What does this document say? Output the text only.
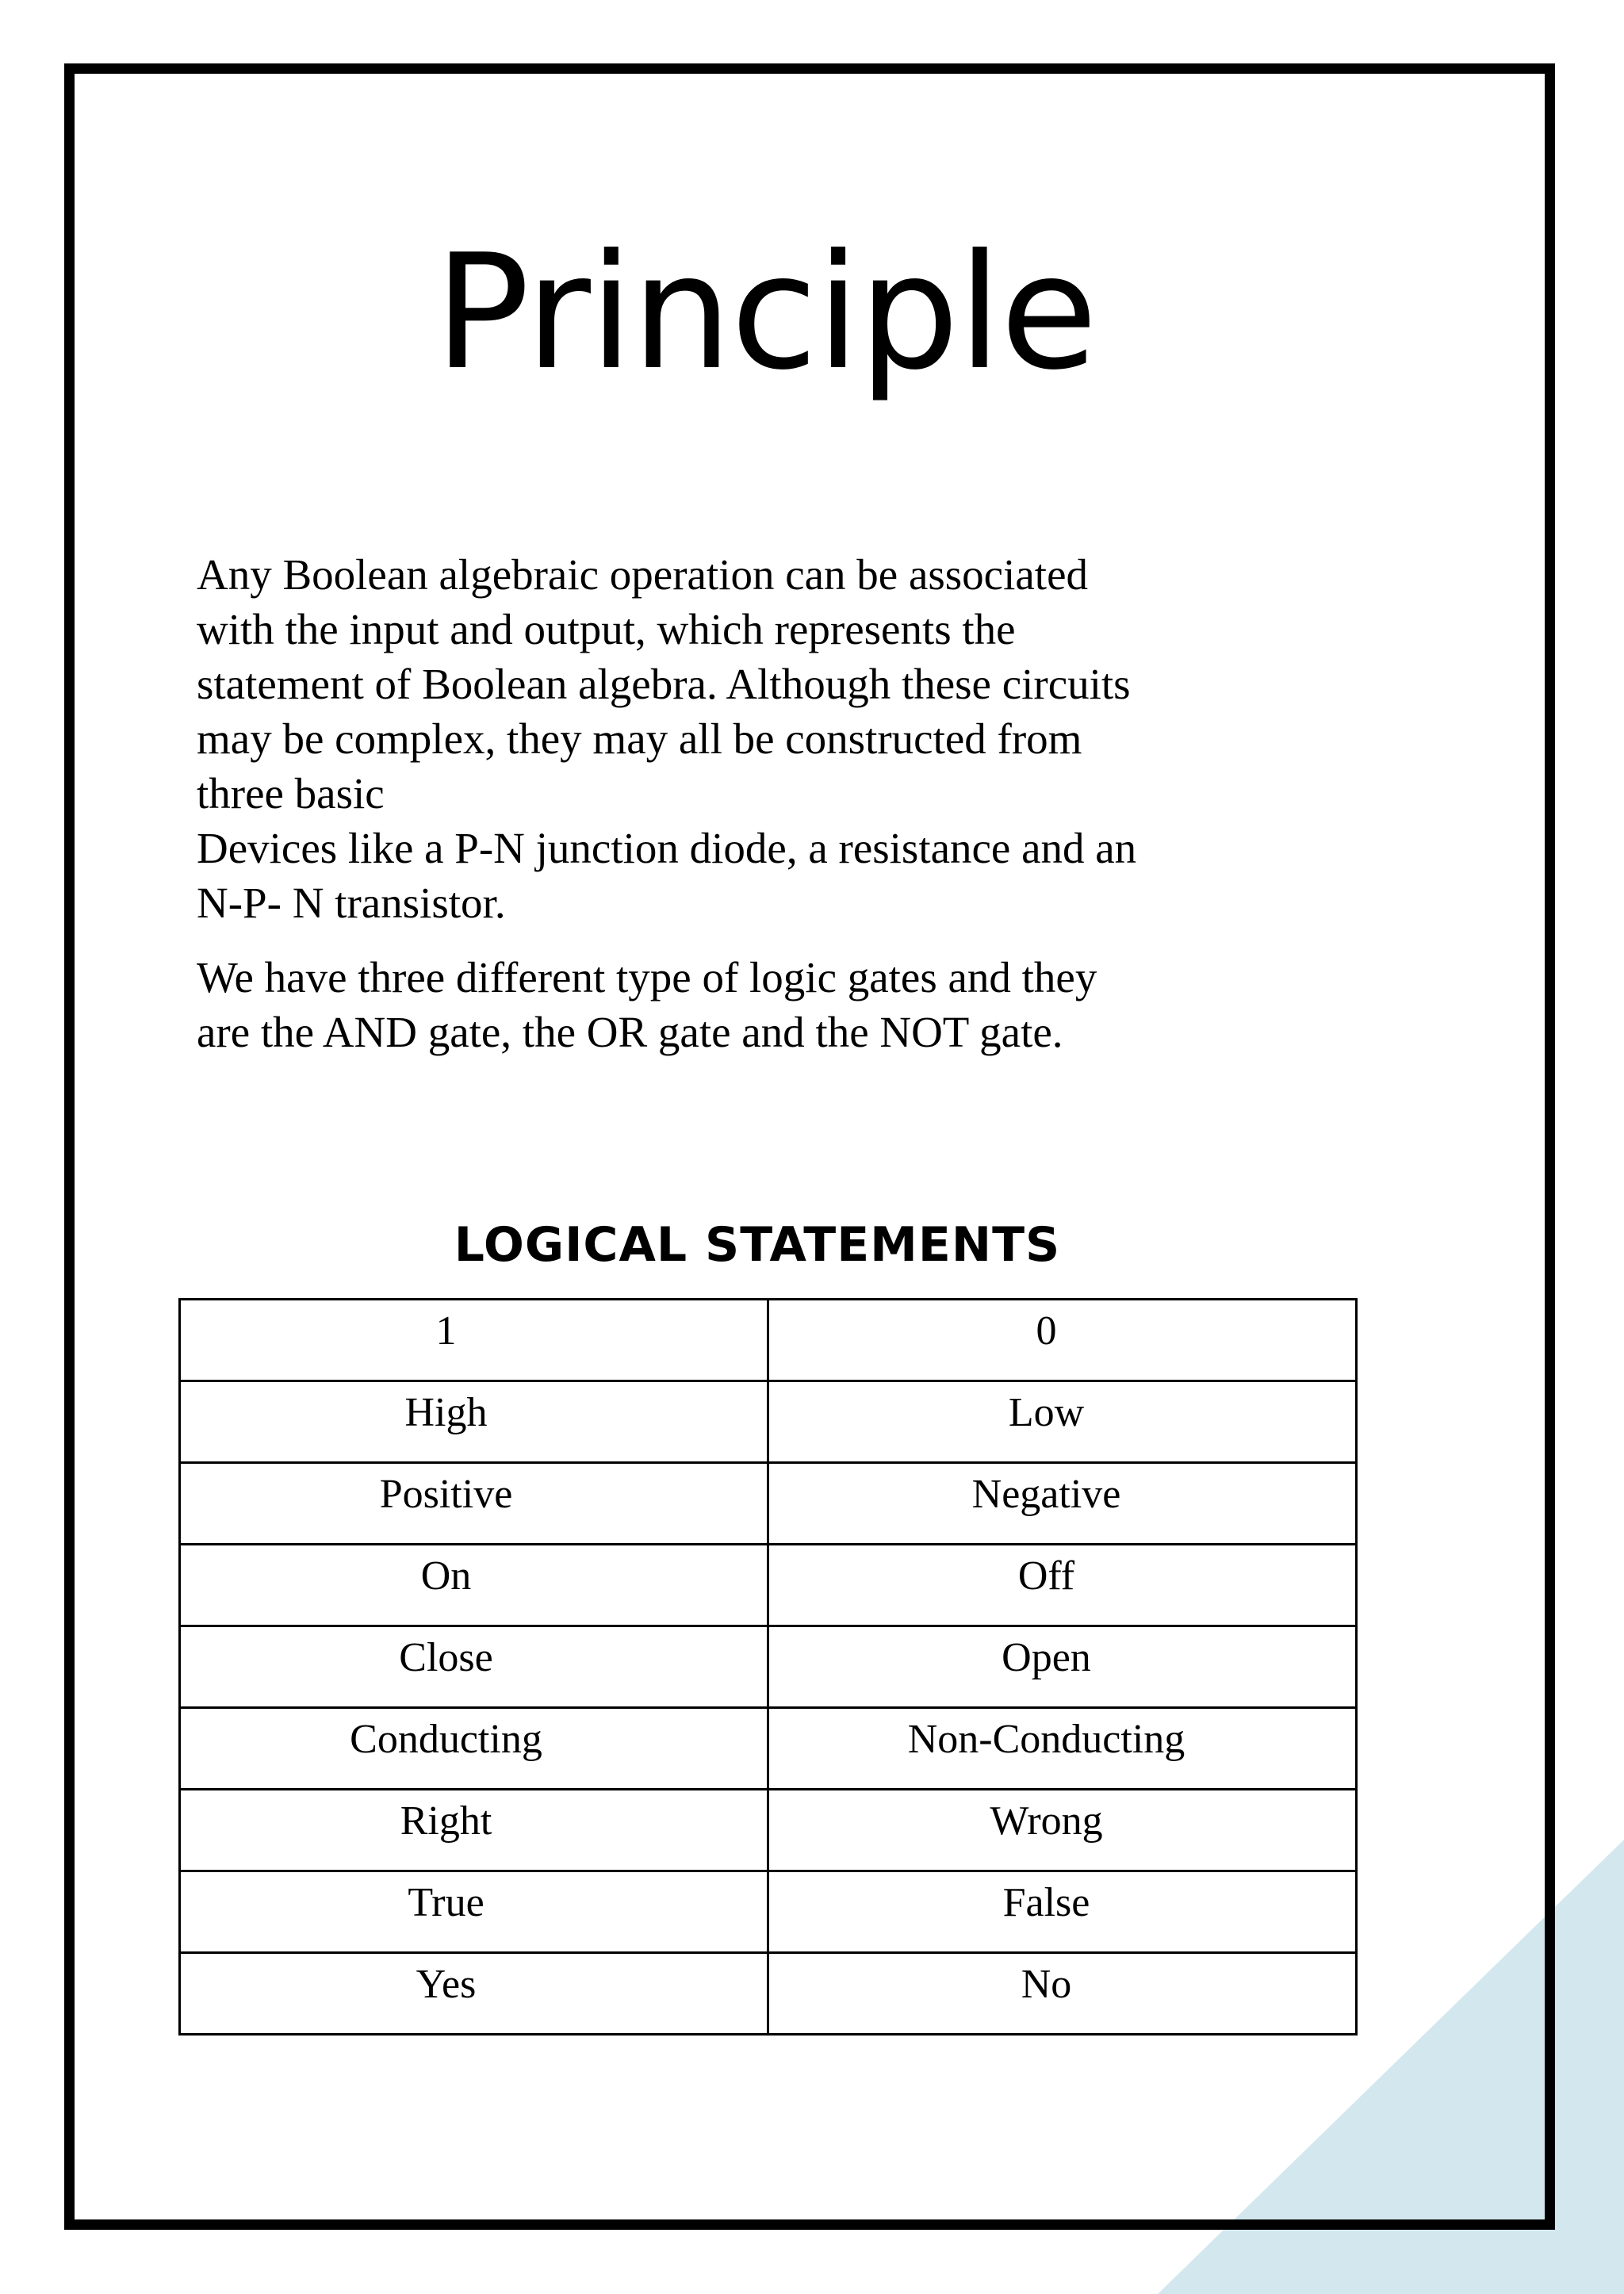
Principle

Any Boolean algebraic operation can be associated
with the input and output, which represents the
statement of Boolean algebra. Although these circuits
may be complex, they may all be constructed from
three basic
Devices like a P-N junction diode, a resistance and an
N-P- N transistor.

We have three different type of logic gates and they
are the AND gate, the OR gate and the NOT gate.

LOGICAL STATEMENTS
1	0
High	Low
Positive	Negative
On	Off
Close	Open
Conducting	Non-Conducting
Right	Wrong
True	False
Yes	No
